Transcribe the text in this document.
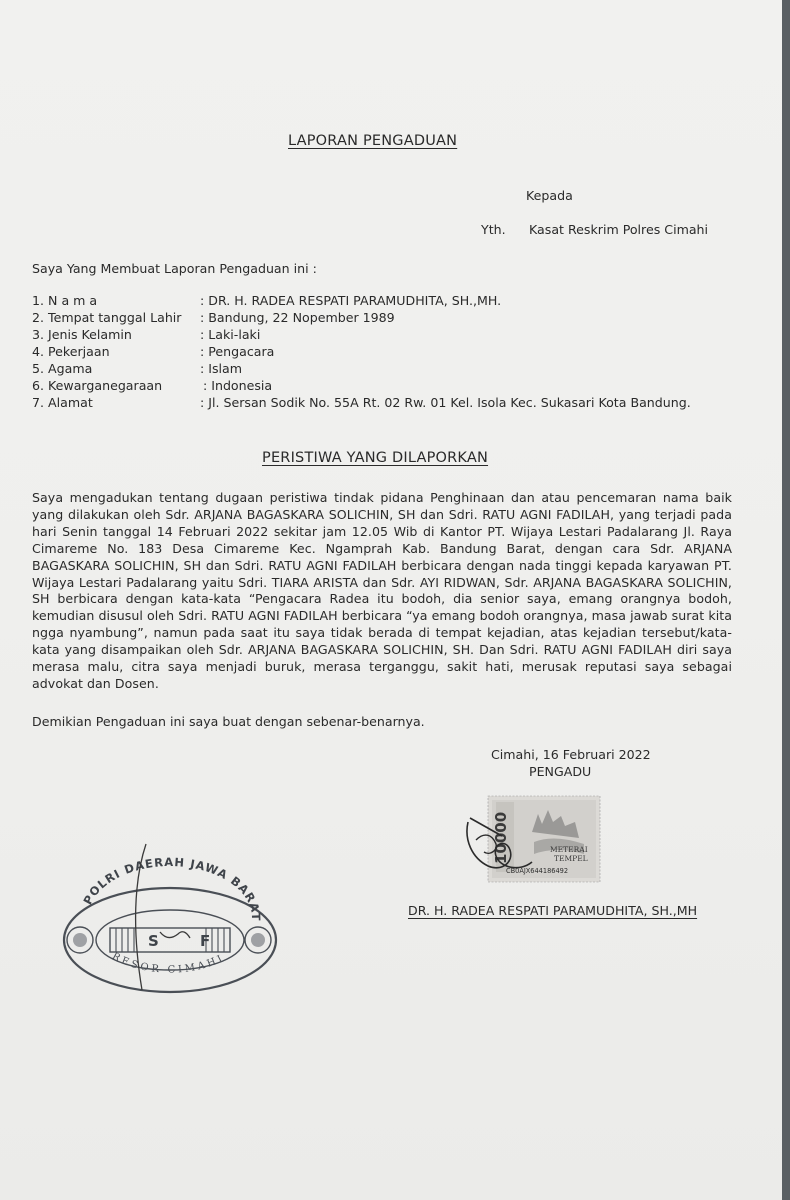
LAPORAN PENGADUAN
Kepada
Yth. Kasat Reskrim Polres Cimahi
Saya Yang Membuat Laporan Pengaduan ini :
1. N a m a	: DR. H. RADEA RESPATI PARAMUDHITA, SH.,MH.
2. Tempat tanggal Lahir : Bandung, 22 Nopember 1989
3. Jenis Kelamin	: Laki-laki
4. Pekerjaan	: Pengacara
5. Agama	: Islam
6. Kewarganegaraan	: Indonesia
7. Alamat	: Jl. Sersan Sodik No. 55A Rt. 02 Rw. 01 Kel. Isola Kec. Sukasari Kota Bandung.
PERISTIWA YANG DILAPORKAN
Saya mengadukan tentang dugaan peristiwa tindak pidana Penghinaan dan atau pencemaran nama baik yang dilakukan oleh Sdr. ARJANA BAGASKARA SOLICHIN, SH dan Sdri. RATU AGNI FADILAH, yang terjadi pada hari Senin tanggal 14 Februari 2022 sekitar jam 12.05 Wib di Kantor PT. Wijaya Lestari Padalarang Jl. Raya Cimareme No. 183 Desa Cimareme Kec. Ngamprah Kab. Bandung Barat, dengan cara Sdr. ARJANA BAGASKARA SOLICHIN, SH dan Sdri. RATU AGNI FADILAH berbicara dengan nada tinggi kepada karyawan PT. Wijaya Lestari Padalarang yaitu Sdri. TIARA ARISTA dan Sdr. AYI RIDWAN, Sdr. ARJANA BAGASKARA SOLICHIN, SH berbicara dengan kata-kata “Pengacara Radea itu bodoh, dia senior saya, emang orangnya bodoh, kemudian disusul oleh Sdri. RATU AGNI FADILAH berbicara “ya emang bodoh orangnya, masa jawab surat kita ngga nyambung”, namun pada saat itu saya tidak berada di tempat kejadian, atas kejadian tersebut/kata-kata yang disampaikan oleh Sdr. ARJANA BAGASKARA SOLICHIN, SH. Dan Sdri. RATU AGNI FADILAH diri saya merasa malu, citra saya menjadi buruk, merasa terganggu, sakit hati, merusak reputasi saya sebagai advokat dan Dosen.
Demikian Pengaduan ini saya buat dengan sebenar-benarnya.
Cimahi, 16 Februari 2022
PENGADU
10000	METERAI
TEMPEL
CB0AJX644186492
DR. H. RADEA RESPATI PARAMUDHITA, SH.,MH
POLRI DAERAH JAWA BARAT
RESOR CIMAHI
S	F
